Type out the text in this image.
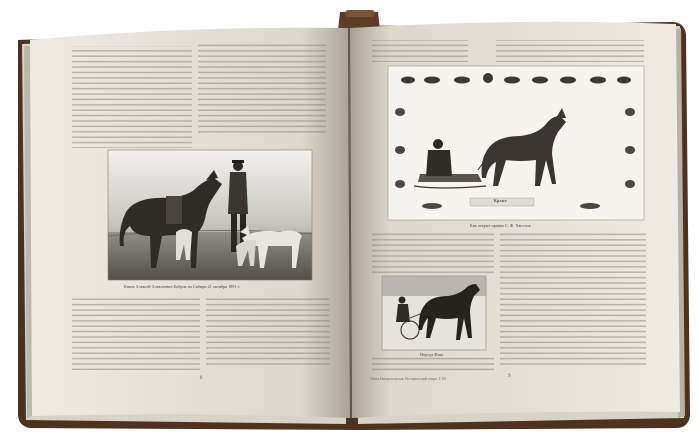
Князь Алексей Алексеевич Бобров на Сибири 21 октября 1891 г.
Кроме
Как открыт правил С. Ф. Хвостов.
Порода Фиш
8	9
Охота Императорская. Исторический очерк. Т. III
